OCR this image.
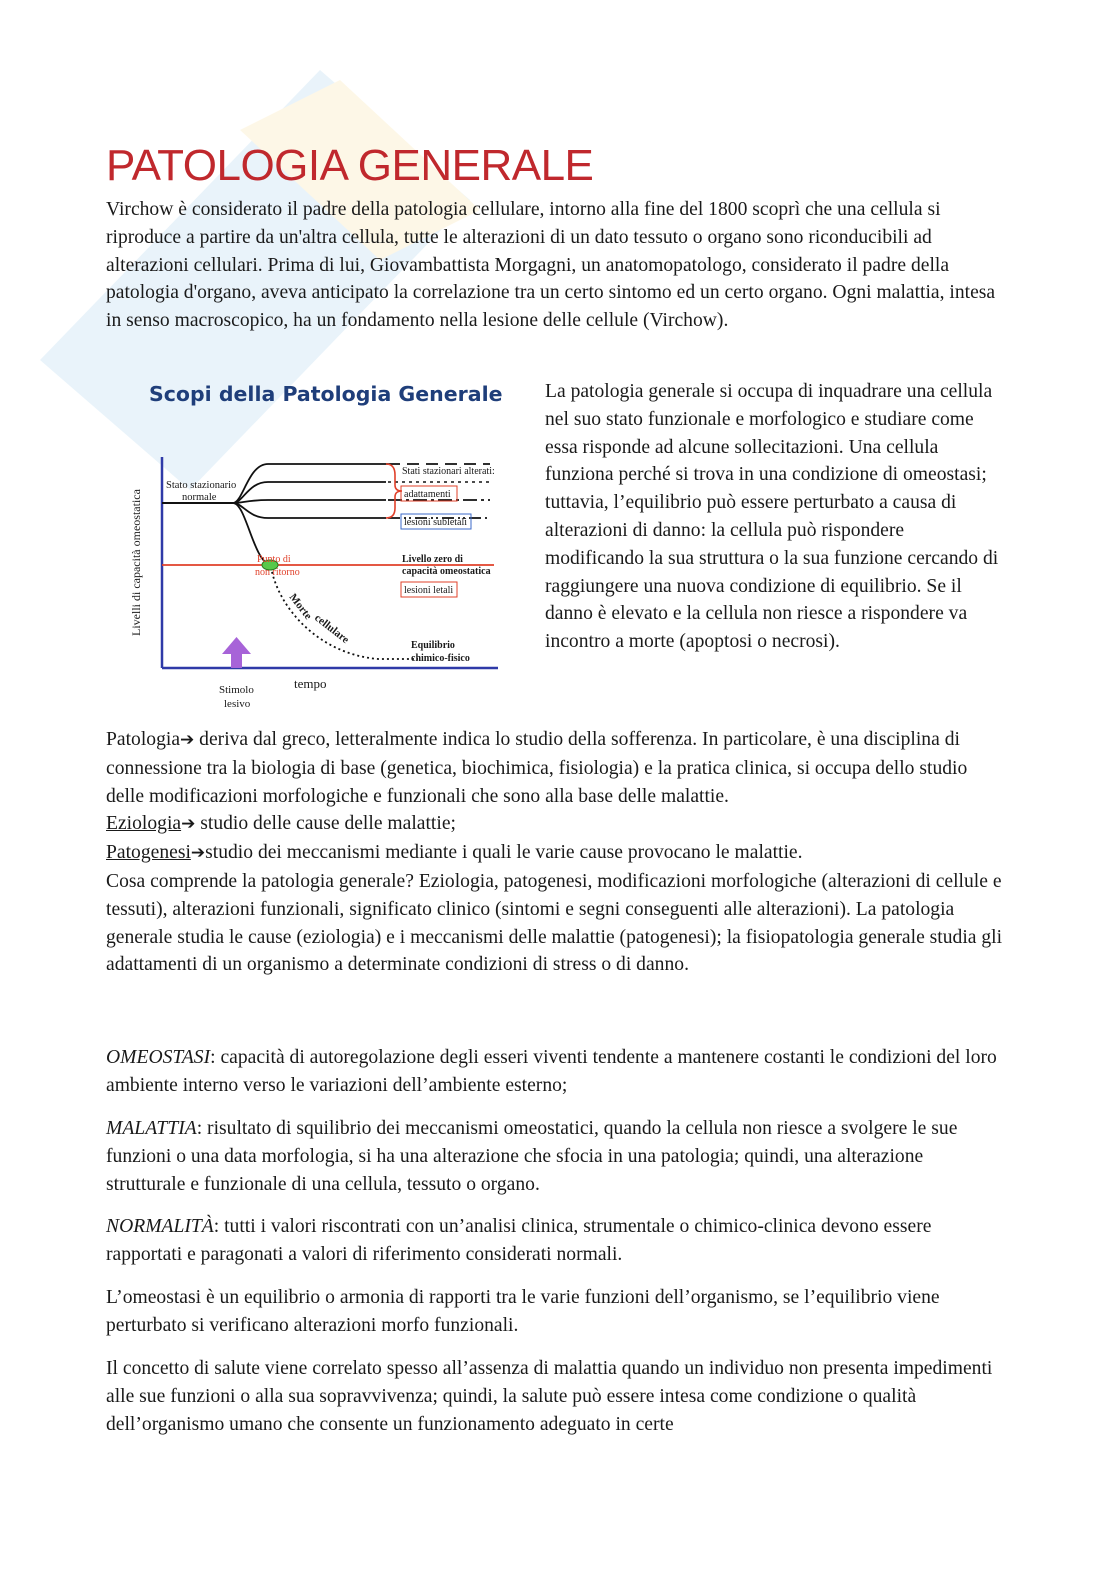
PATOLOGIA GENERALE

Virchow è considerato il padre della patologia cellulare, intorno alla fine del 1800 scoprì che una cellula si riproduce a partire da un'altra cellula, tutte le alterazioni di un dato tessuto o organo sono riconducibili ad alterazioni cellulari. Prima di lui, Giovambattista Morgagni, un anatomopatologo, considerato il padre della patologia d'organo, aveva anticipato la correlazione tra un certo sintomo ed un certo organo. Ogni malattia, intesa in senso macroscopico, ha un fondamento nella lesione delle cellule (Virchow).

Scopi della Patologia Generale
Stato stazionario
normale
Stati stazionari alterati:
adattamenti
lesioni subletali
Livello zero di
capacità omeostatica
lesioni letali
Punto di
non ritorno
Morte
cellulare	Equilibrio
chimico-fisico
Stimolo
lesivo
tempo
Livelli di capacità omeostatica

La patologia generale si occupa di inquadrare una cellula nel suo stato funzionale e morfologico e studiare come essa risponde ad alcune sollecitazioni. Una cellula funziona perché si trova in una condizione di omeostasi; tuttavia, l’equilibrio può essere perturbato a causa di alterazioni di danno: la cellula può rispondere modificando la sua struttura o la sua funzione cercando di raggiungere una nuova condizione di equilibrio. Se il danno è elevato e la cellula non riesce a rispondere va incontro a morte (apoptosi o necrosi).

Patologia➔ deriva dal greco, letteralmente indica lo studio della sofferenza. In particolare, è una disciplina di connessione tra la biologia di base (genetica, biochimica, fisiologia) e la pratica clinica, si occupa dello studio delle modificazioni morfologiche e funzionali che sono alla base delle malattie.
Eziologia➔ studio delle cause delle malattie;
Patogenesi➔studio dei meccanismi mediante i quali le varie cause provocano le malattie.
Cosa comprende la patologia generale? Eziologia, patogenesi, modificazioni morfologiche (alterazioni di cellule e tessuti), alterazioni funzionali, significato clinico (sintomi e segni conseguenti alle alterazioni). La patologia generale studia le cause (eziologia) e i meccanismi delle malattie (patogenesi); la fisiopatologia generale studia gli adattamenti di un organismo a determinate condizioni di stress o di danno.

OMEOSTASI: capacità di autoregolazione degli esseri viventi tendente a mantenere costanti le condizioni del loro ambiente interno verso le variazioni dell’ambiente esterno;

MALATTIA: risultato di squilibrio dei meccanismi omeostatici, quando la cellula non riesce a svolgere le sue funzioni o una data morfologia, si ha una alterazione che sfocia in una patologia; quindi, una alterazione strutturale e funzionale di una cellula, tessuto o organo.

NORMALITÀ: tutti i valori riscontrati con un’analisi clinica, strumentale o chimico-clinica devono essere rapportati e paragonati a valori di riferimento considerati normali.

L’omeostasi è un equilibrio o armonia di rapporti tra le varie funzioni dell’organismo, se l’equilibrio viene perturbato si verificano alterazioni morfo funzionali.

Il concetto di salute viene correlato spesso all’assenza di malattia quando un individuo non presenta impedimenti alle sue funzioni o alla sua sopravvivenza; quindi, la salute può essere intesa come condizione o qualità dell’organismo umano che consente un funzionamento adeguato in certe
